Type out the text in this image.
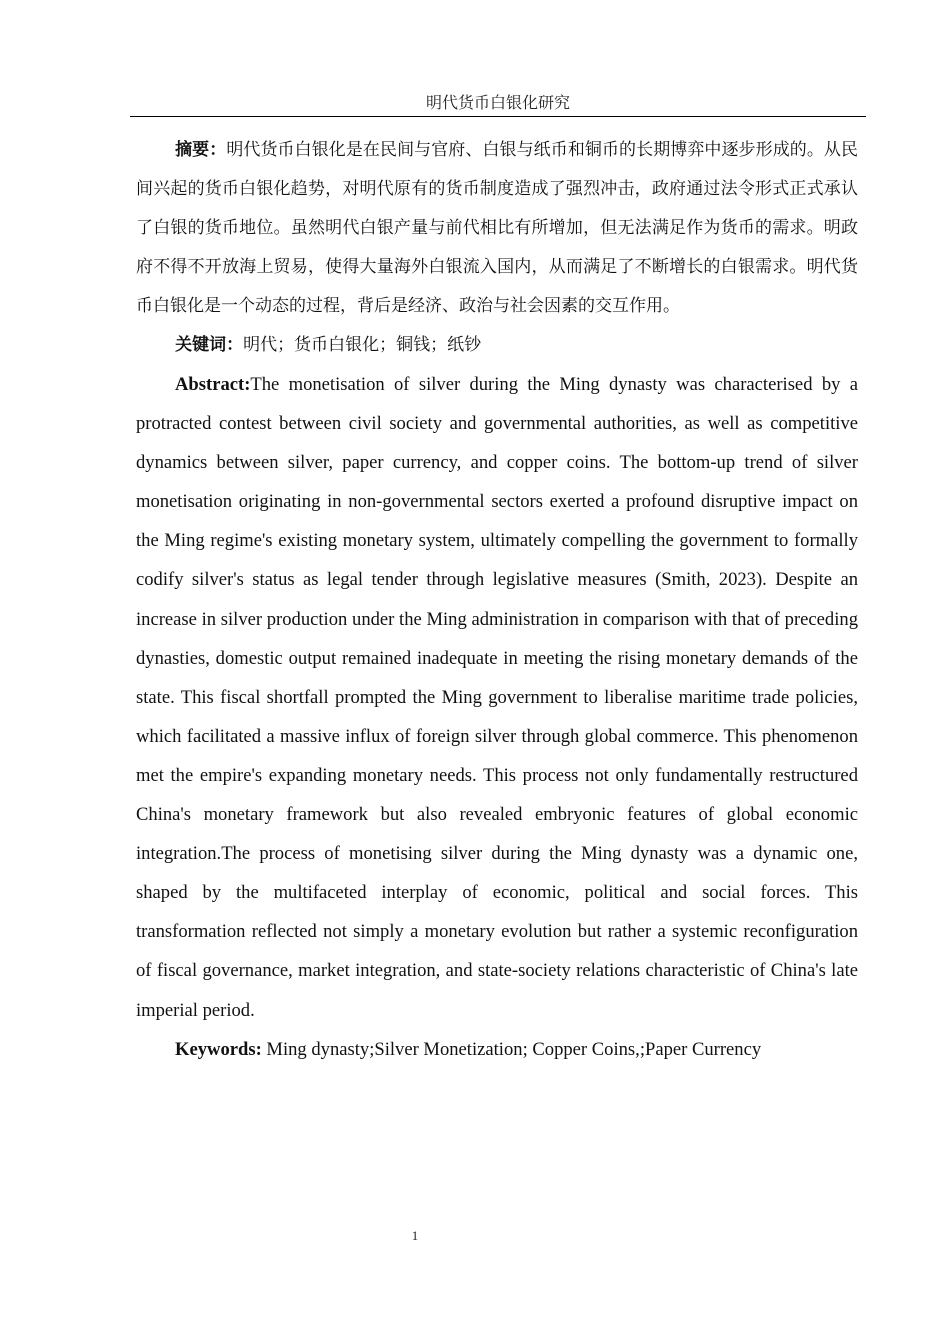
明代货币白银化研究

摘要：明代货币白银化是在民间与官府、白银与纸币和铜币的长期博弈中逐步形成的。从民间兴起的货币白银化趋势，对明代原有的货币制度造成了强烈冲击，政府通过法令形式正式承认了白银的货币地位。虽然明代白银产量与前代相比有所增加，但无法满足作为货币的需求。明政府不得不开放海上贸易，使得大量海外白银流入国内，从而满足了不断增长的白银需求。明代货币白银化是一个动态的过程，背后是经济、政治与社会因素的交互作用。

关键词：明代；货币白银化；铜钱；纸钞

Abstract:The monetisation of silver during the Ming dynasty was characterised by a protracted contest between civil society and governmental authorities, as well as competitive dynamics between silver, paper currency, and copper coins. The bottom-up trend of silver monetisation originating in non-governmental sectors exerted a profound disruptive impact on the Ming regime's existing monetary system, ultimately compelling the government to formally codify silver's status as legal tender through legislative measures (Smith, 2023). Despite an increase in silver production under the Ming administration in comparison with that of preceding dynasties, domestic output remained inadequate in meeting the rising monetary demands of the state. This fiscal shortfall prompted the Ming government to liberalise maritime trade policies, which facilitated a massive influx of foreign silver through global commerce. This phenomenon met the empire's expanding monetary needs. This process not only fundamentally restructured China's monetary framework but also revealed embryonic features of global economic integration.The process of monetising silver during the Ming dynasty was a dynamic one, shaped by the multifaceted interplay of economic, political and social forces. This transformation reflected not simply a monetary evolution but rather a systemic reconfiguration of fiscal governance, market integration, and state-society relations characteristic of China's late imperial period.

Keywords: Ming dynasty;Silver Monetization; Copper Coins,;Paper Currency

1
